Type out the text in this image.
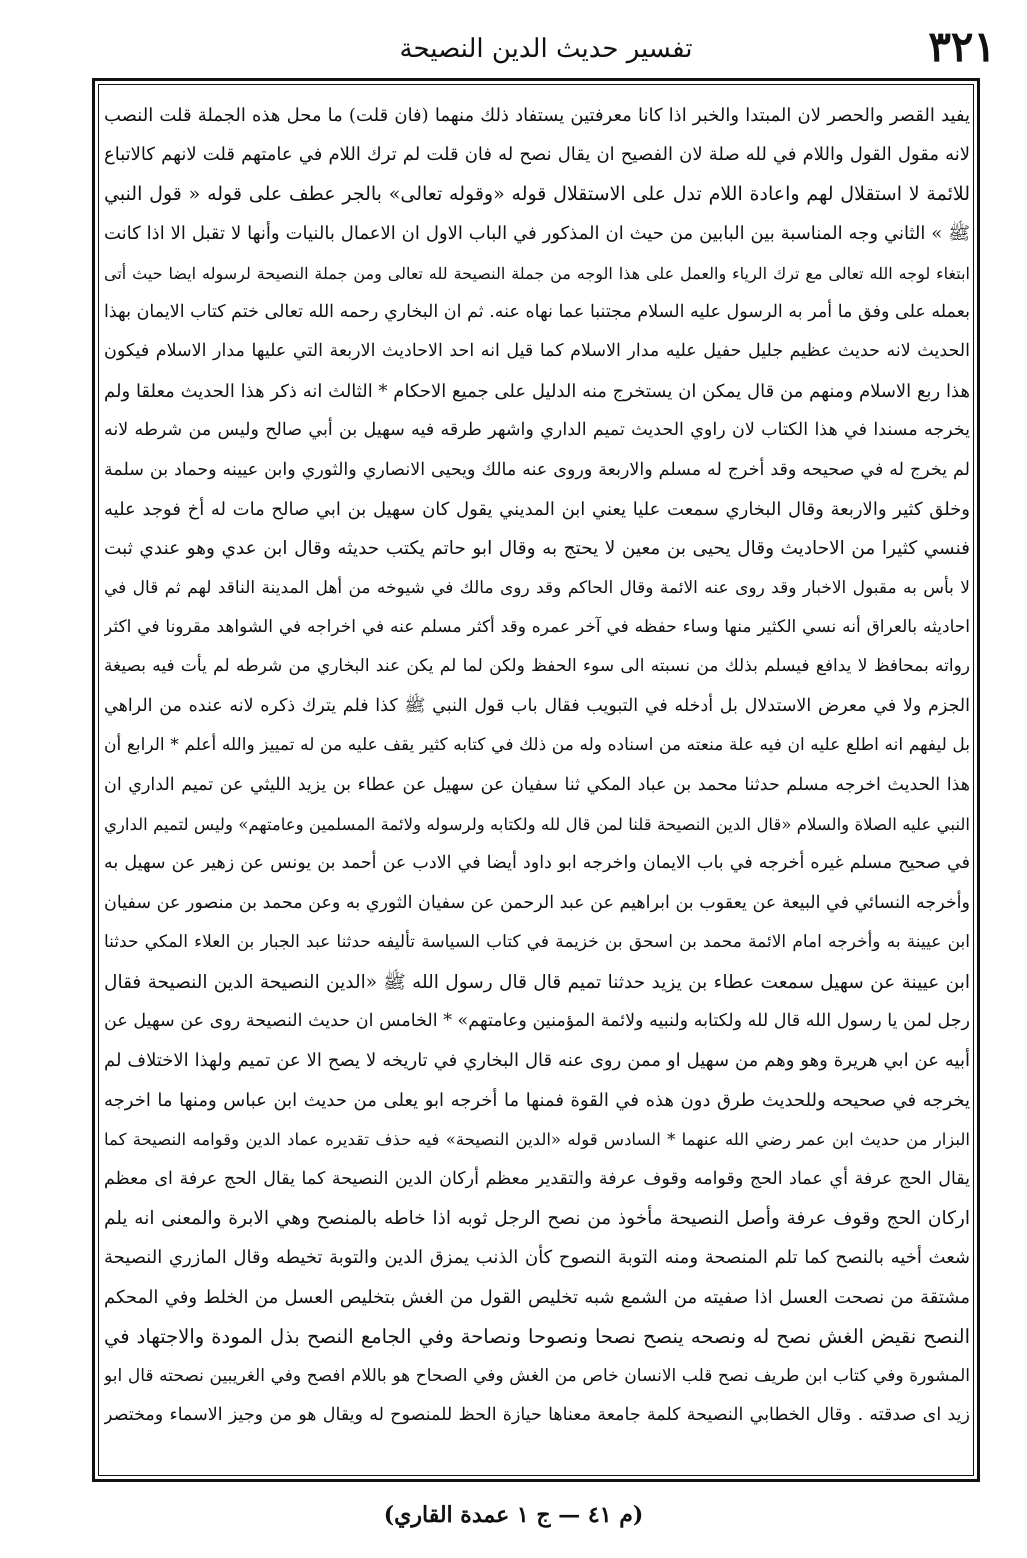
٣٢١
تفسير حديث الدين النصيحة
يفيد القصر والحصر لان المبتدا والخبر اذا كانا معرفتين يستفاد ذلك منهما (فان قلت) ما محل هذه الجملة قلت النصب
لانه مقول القول واللام في لله صلة لان الفصيح ان يقال نصح له فان قلت لم ترك اللام في عامتهم قلت لانهم كالاتباع
للائمة لا استقلال لهم واعادة اللام تدل على الاستقلال قوله «وقوله تعالى» بالجر عطف على قوله « قول النبي
ﷺ » الثاني وجه المناسبة بين البابين من حيث ان المذكور في الباب الاول ان الاعمال بالنيات وأنها لا تقبل الا اذا كانت
ابتغاء لوجه الله تعالى مع ترك الرياء والعمل على هذا الوجه من جملة النصيحة لله تعالى ومن جملة النصيحة لرسوله ايضا حيث أتى
بعمله على وفق ما أمر به الرسول عليه السلام مجتنبا عما نهاه عنه. ثم ان البخاري رحمه الله تعالى ختم كتاب الايمان بهذا
الحديث لانه حديث عظيم جليل حفيل عليه مدار الاسلام كما قيل انه احد الاحاديث الاربعة التي عليها مدار الاسلام فيكون
هذا ربع الاسلام ومنهم من قال يمكن ان يستخرج منه الدليل على جميع الاحكام * الثالث انه ذكر هذا الحديث معلقا ولم
يخرجه مسندا في هذا الكتاب لان راوي الحديث تميم الداري واشهر طرقه فيه سهيل بن أبي صالح وليس من شرطه لانه
لم يخرج له في صحيحه وقد أخرج له مسلم والاربعة وروى عنه مالك ويحيى الانصاري والثوري وابن عيينه وحماد بن سلمة
وخلق كثير والاربعة وقال البخاري سمعت عليا يعني ابن المديني يقول كان سهيل بن ابي صالح مات له أخ فوجد عليه
فنسي كثيرا من الاحاديث وقال يحيى بن معين لا يحتج به وقال ابو حاتم يكتب حديثه وقال ابن عدي وهو عندي ثبت
لا بأس به مقبول الاخبار وقد روى عنه الائمة وقال الحاكم وقد روى مالك في شيوخه من أهل المدينة الناقد لهم ثم قال في
احاديثه بالعراق أنه نسي الكثير منها وساء حفظه في آخر عمره وقد أكثر مسلم عنه في اخراجه في الشواهد مقرونا في اكثر
رواته بمحافظ لا يدافع فيسلم بذلك من نسبته الى سوء الحفظ ولكن لما لم يكن عند البخاري من شرطه لم يأت فيه بصيغة
الجزم ولا في معرض الاستدلال بل أدخله في التبويب فقال باب قول النبي ﷺ كذا فلم يترك ذكره لانه عنده من الراهي
بل ليفهم انه اطلع عليه ان فيه علة منعته من اسناده وله من ذلك في كتابه كثير يقف عليه من له تمييز والله أعلم * الرابع أن
هذا الحديث اخرجه مسلم حدثنا محمد بن عباد المكي ثنا سفيان عن سهيل عن عطاء بن يزيد الليثي عن تميم الداري ان
النبي عليه الصلاة والسلام «قال الدين النصيحة قلنا لمن قال لله ولكتابه ولرسوله ولائمة المسلمين وعامتهم» وليس لتميم الداري
في صحيح مسلم غيره أخرجه في باب الايمان واخرجه ابو داود أيضا في الادب عن أحمد بن يونس عن زهير عن سهيل به
وأخرجه النسائي في البيعة عن يعقوب بن ابراهيم عن عبد الرحمن عن سفيان الثوري به وعن محمد بن منصور عن سفيان
ابن عيينة به وأخرجه امام الائمة محمد بن اسحق بن خزيمة في كتاب السياسة تأليفه حدثنا عبد الجبار بن العلاء المكي حدثنا
ابن عيينة عن سهيل سمعت عطاء بن يزيد حدثنا تميم قال قال رسول الله ﷺ «الدين النصيحة الدين النصيحة فقال
رجل لمن يا رسول الله قال لله ولكتابه ولنبيه ولائمة المؤمنين وعامتهم» * الخامس ان حديث النصيحة روى عن سهيل عن
أبيه عن ابي هريرة وهو وهم من سهيل او ممن روى عنه قال البخاري في تاريخه لا يصح الا عن تميم ولهذا الاختلاف لم
يخرجه في صحيحه وللحديث طرق دون هذه في القوة فمنها ما أخرجه ابو يعلى من حديث ابن عباس ومنها ما اخرجه
البزار من حديث ابن عمر رضي الله عنهما * السادس قوله «الدين النصيحة» فيه حذف تقديره عماد الدين وقوامه النصيحة كما
يقال الحج عرفة أي عماد الحج وقوامه وقوف عرفة والتقدير معظم أركان الدين النصيحة كما يقال الحج عرفة اى معظم
اركان الحج وقوف عرفة وأصل النصيحة مأخوذ من نصح الرجل ثوبه اذا خاطه بالمنصح وهي الابرة والمعنى انه يلم
شعث أخيه بالنصح كما تلم المنصحة ومنه التوبة النصوح كأن الذنب يمزق الدين والتوبة تخيطه وقال المازري النصيحة
مشتقة من نصحت العسل اذا صفيته من الشمع شبه تخليص القول من الغش بتخليص العسل من الخلط وفي المحكم
النصح نقيض الغش نصح له ونصحه ينصح نصحا ونصوحا ونصاحة وفي الجامع النصح بذل المودة والاجتهاد في
المشورة وفي كتاب ابن طريف نصح قلب الانسان خاص من الغش وفي الصحاح هو باللام افصح وفي الغريبين نصحته قال ابو
زيد اى صدقته . وقال الخطابي النصيحة كلمة جامعة معناها حيازة الحظ للمنصوح له ويقال هو من وجيز الاسماء ومختصر
(م ٤١ — ج ١ عمدة القاري)
